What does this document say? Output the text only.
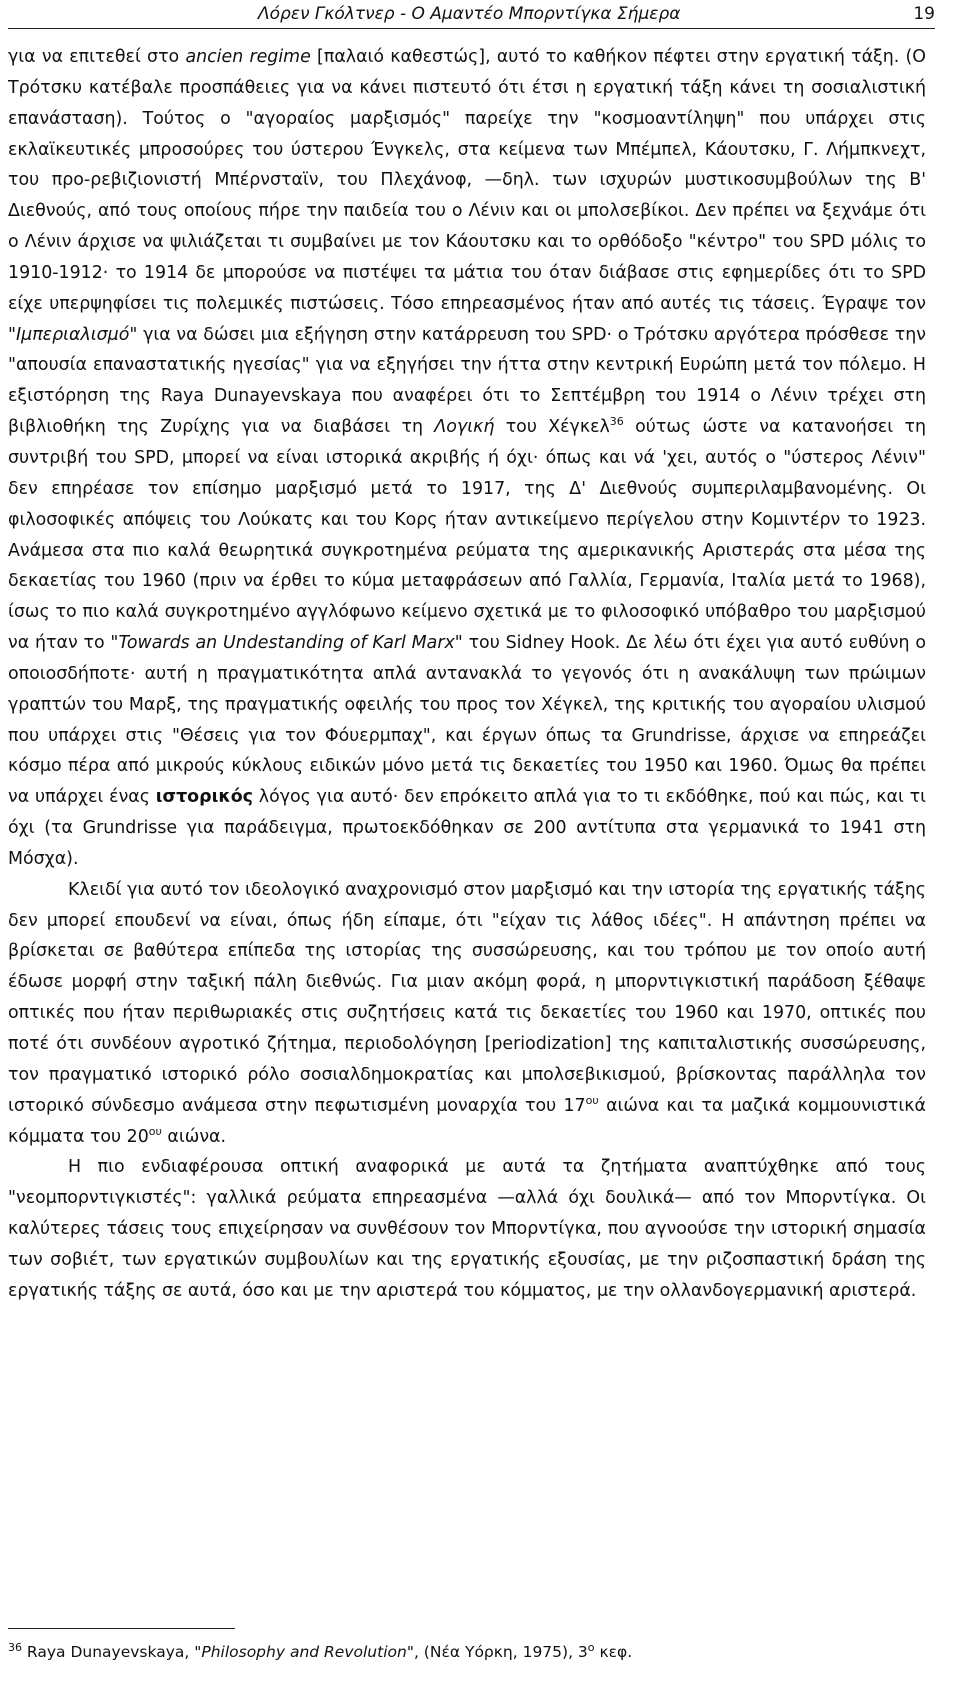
Λόρεν Γκόλτνερ - Ο Αμαντέο Μπορντίγκα Σήμερα	19

για να επιτεθεί στο ancien regime [παλαιό καθεστώς], αυτό το καθήκον πέφτει στην εργατική τάξη. (Ο Τρότσκυ κατέβαλε προσπάθειες για να κάνει πιστευτό ότι έτσι η εργατική τάξη κάνει τη σοσιαλιστική επανάσταση). Τούτος ο "αγοραίος μαρξισμός" παρείχε την "κοσμοαντίληψη" που υπάρχει στις εκλαϊκευτικές μπροσούρες του ύστερου Ένγκελς, στα κείμενα των Μπέμπελ, Κάουτσκυ, Γ. Λήμπκνεχτ, του προ-ρεβιζιονιστή Μπέρνσταϊν, του Πλεχάνοφ, —δηλ. των ισχυρών μυστικοσυμβούλων της Β' Διεθνούς, από τους οποίους πήρε την παιδεία του ο Λένιν και οι μπολσεβίκοι. Δεν πρέπει να ξεχνάμε ότι ο Λένιν άρχισε να ψιλιάζεται τι συμβαίνει με τον Κάουτσκυ και το ορθόδοξο "κέντρο" του SPD μόλις το 1910-1912· το 1914 δε μπορούσε να πιστέψει τα μάτια του όταν διάβασε στις εφημερίδες ότι το SPD είχε υπερψηφίσει τις πολεμικές πιστώσεις. Τόσο επηρεασμένος ήταν από αυτές τις τάσεις. Έγραψε τον "Ιμπεριαλισμό" για να δώσει μια εξήγηση στην κατάρρευση του SPD· ο Τρότσκυ αργότερα πρόσθεσε την "απουσία επαναστατικής ηγεσίας" για να εξηγήσει την ήττα στην κεντρική Ευρώπη μετά τον πόλεμο. Η εξιστόρηση της Raya Dunayevskaya που αναφέρει ότι το Σεπτέμβρη του 1914 ο Λένιν τρέχει στη βιβλιοθήκη της Ζυρίχης για να διαβάσει τη Λογική του Χέγκελ$^{36}$ ούτως ώστε να κατανοήσει τη συντριβή του SPD, μπορεί να είναι ιστορικά ακριβής ή όχι· όπως και νά 'χει, αυτός ο "ύστερος Λένιν" δεν επηρέασε τον επίσημο μαρξισμό μετά το 1917, της Δ' Διεθνούς συμπεριλαμβανομένης. Οι φιλοσοφικές απόψεις του Λούκατς και του Κορς ήταν αντικείμενο περίγελου στην Κομιντέρν το 1923. Ανάμεσα στα πιο καλά θεωρητικά συγκροτημένα ρεύματα της αμερικανικής Αριστεράς στα μέσα της δεκαετίας του 1960 (πριν να έρθει το κύμα μεταφράσεων από Γαλλία, Γερμανία, Ιταλία μετά το 1968), ίσως το πιο καλά συγκροτημένο αγγλόφωνο κείμενο σχετικά με το φιλοσοφικό υπόβαθρο του μαρξισμού να ήταν το "Towards an Undestanding of Karl Marx" του Sidney Hook. Δε λέω ότι έχει για αυτό ευθύνη ο οποιοσδήποτε· αυτή η πραγματικότητα απλά αντανακλά το γεγονός ότι η ανακάλυψη των πρώιμων γραπτών του Μαρξ, της πραγματικής οφειλής του προς τον Χέγκελ, της κριτικής του αγοραίου υλισμού που υπάρχει στις "Θέσεις για τον Φόυερμπαχ", και έργων όπως τα Grundrisse, άρχισε να επηρεάζει κόσμο πέρα από μικρούς κύκλους ειδικών μόνο μετά τις δεκαετίες του 1950 και 1960. Όμως θα πρέπει να υπάρχει ένας ιστορικός λόγος για αυτό· δεν επρόκειτο απλά για το τι εκδόθηκε, πού και πώς, και τι όχι (τα Grundrisse για παράδειγμα, πρωτοεκδόθηκαν σε 200 αντίτυπα στα γερμανικά το 1941 στη Μόσχα).

Κλειδί για αυτό τον ιδεολογικό αναχρονισμό στον μαρξισμό και την ιστορία της εργατικής τάξης δεν μπορεί επουδενί να είναι, όπως ήδη είπαμε, ότι "είχαν τις λάθος ιδέες". Η απάντηση πρέπει να βρίσκεται σε βαθύτερα επίπεδα της ιστορίας της συσσώρευσης, και του τρόπου με τον οποίο αυτή έδωσε μορφή στην ταξική πάλη διεθνώς. Για μιαν ακόμη φορά, η μπορντιγκιστική παράδοση ξέθαψε οπτικές που ήταν περιθωριακές στις συζητήσεις κατά τις δεκαετίες του 1960 και 1970, οπτικές που ποτέ ότι συνδέουν αγροτικό ζήτημα, περιοδολόγηση [periodization] της καπιταλιστικής συσσώρευσης, τον πραγματικό ιστορικό ρόλο σοσιαλδημοκρατίας και μπολσεβικισμού, βρίσκοντας παράλληλα τον ιστορικό σύνδεσμο ανάμεσα στην πεφωτισμένη μοναρχία του $17^{o\upsilon}$ αιώνα και τα μαζικά κομμουνιστικά κόμματα του $20^{o\upsilon}$ αιώνα.

Η πιο ενδιαφέρουσα οπτική αναφορικά με αυτά τα ζητήματα αναπτύχθηκε από τους "νεομπορντιγκιστές": γαλλικά ρεύματα επηρεασμένα —αλλά όχι δουλικά— από τον Μπορντίγκα. Οι καλύτερες τάσεις τους επιχείρησαν να συνθέσουν τον Μπορντίγκα, που αγνοούσε την ιστορική σημασία των σοβιέτ, των εργατικών συμβουλίων και της εργατικής εξουσίας, με την ριζοσπαστική δράση της εργατικής τάξης σε αυτά, όσο και με την αριστερά του κόμματος, με την ολλανδογερμανική αριστερά.

$^{36}$ Raya Dunayevskaya, "Philosophy and Revolution", (Νέα Υόρκη, 1975), $3^o$ κεφ.
